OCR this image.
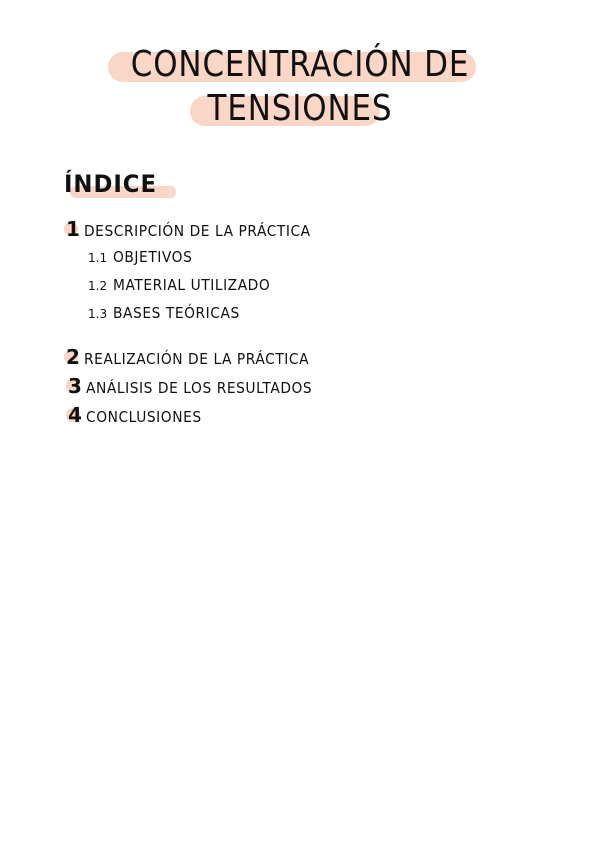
CONCENTRACIÓN DE
TENSIONES
ÍNDICE
1 DESCRIPCIÓN DE LA PRÁCTICA
1.1 OBJETIVOS
1.2 MATERIAL UTILIZADO
1.3 BASES TEÓRICAS
2 REALIZACIÓN DE LA PRÁCTICA
3 ANÁLISIS DE LOS RESULTADOS
4 CONCLUSIONES
